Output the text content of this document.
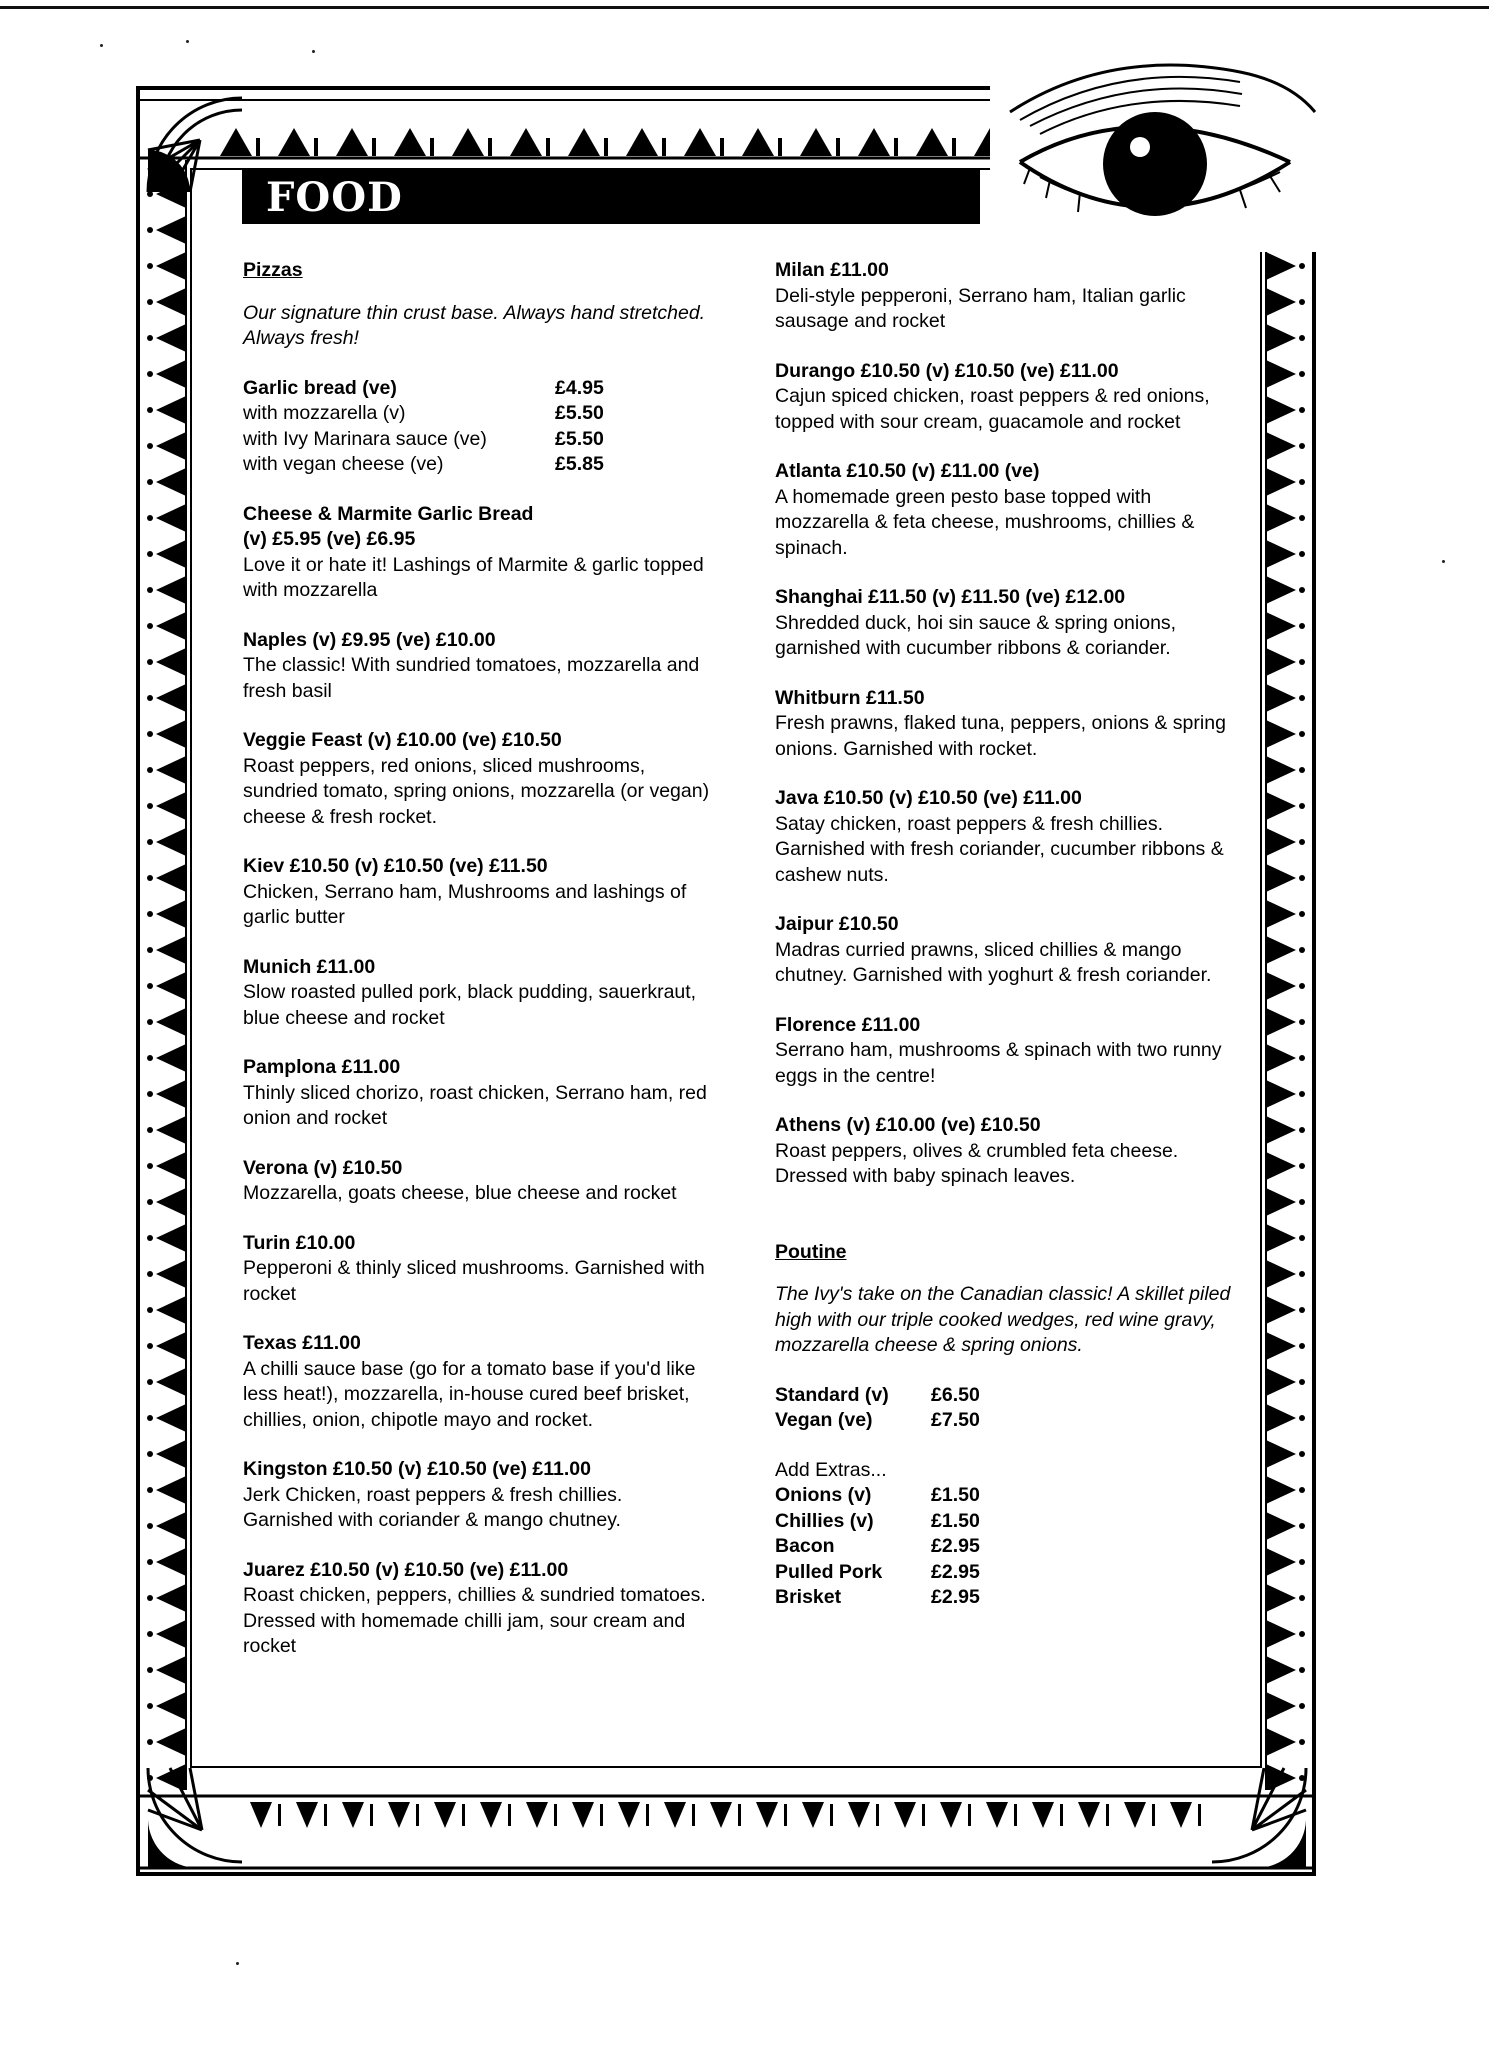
FOOD
Pizzas
Our signature thin crust base. Always hand stretched. Always fresh!
Garlic bread (ve)	£4.95
with mozzarella (v)	£5.50
with Ivy Marinara sauce (ve)	£5.50
with vegan cheese (ve)	£5.85
Cheese & Marmite Garlic Bread
(v) £5.95 (ve) £6.95
Love it or hate it! Lashings of Marmite & garlic topped with mozzarella
Naples (v) £9.95 (ve) £10.00
The classic! With sundried tomatoes, mozzarella and fresh basil
Veggie Feast (v) £10.00 (ve) £10.50
Roast peppers, red onions, sliced mushrooms, sundried tomato, spring onions, mozzarella (or vegan) cheese & fresh rocket.
Kiev £10.50 (v) £10.50 (ve) £11.50
Chicken, Serrano ham, Mushrooms and lashings of garlic butter
Munich £11.00
Slow roasted pulled pork, black pudding, sauerkraut, blue cheese and rocket
Pamplona £11.00
Thinly sliced chorizo, roast chicken, Serrano ham, red onion and rocket
Verona (v) £10.50
Mozzarella, goats cheese, blue cheese and rocket
Turin £10.00
Pepperoni & thinly sliced mushrooms. Garnished with rocket
Texas £11.00
A chilli sauce base (go for a tomato base if you'd like less heat!), mozzarella, in-house cured beef brisket, chillies, onion, chipotle mayo and rocket.
Kingston £10.50 (v) £10.50 (ve) £11.00
Jerk Chicken, roast peppers & fresh chillies. Garnished with coriander & mango chutney.
Juarez £10.50 (v) £10.50 (ve) £11.00
Roast chicken, peppers, chillies & sundried tomatoes. Dressed with homemade chilli jam, sour cream and rocket
Milan £11.00
Deli-style pepperoni, Serrano ham, Italian garlic sausage and rocket
Durango £10.50 (v) £10.50 (ve) £11.00
Cajun spiced chicken, roast peppers & red onions, topped with sour cream, guacamole and rocket
Atlanta £10.50 (v) £11.00 (ve)
A homemade green pesto base topped with mozzarella & feta cheese, mushrooms, chillies & spinach.
Shanghai £11.50 (v) £11.50 (ve) £12.00
Shredded duck, hoi sin sauce & spring onions, garnished with cucumber ribbons & coriander.
Whitburn £11.50
Fresh prawns, flaked tuna, peppers, onions & spring onions. Garnished with rocket.
Java £10.50 (v) £10.50 (ve) £11.00
Satay chicken, roast peppers & fresh chillies. Garnished with fresh coriander, cucumber ribbons & cashew nuts.
Jaipur £10.50
Madras curried prawns, sliced chillies & mango chutney. Garnished with yoghurt & fresh coriander.
Florence £11.00
Serrano ham, mushrooms & spinach with two runny eggs in the centre!
Athens (v) £10.00 (ve) £10.50
Roast peppers, olives & crumbled feta cheese. Dressed with baby spinach leaves.
Poutine
The Ivy's take on the Canadian classic! A skillet piled high with our triple cooked wedges, red wine gravy, mozzarella cheese & spring onions.
Standard (v)	£6.50
Vegan (ve)	£7.50
Add Extras...
Onions (v)	£1.50
Chillies (v)	£1.50
Bacon	£2.95
Pulled Pork	£2.95
Brisket	£2.95
